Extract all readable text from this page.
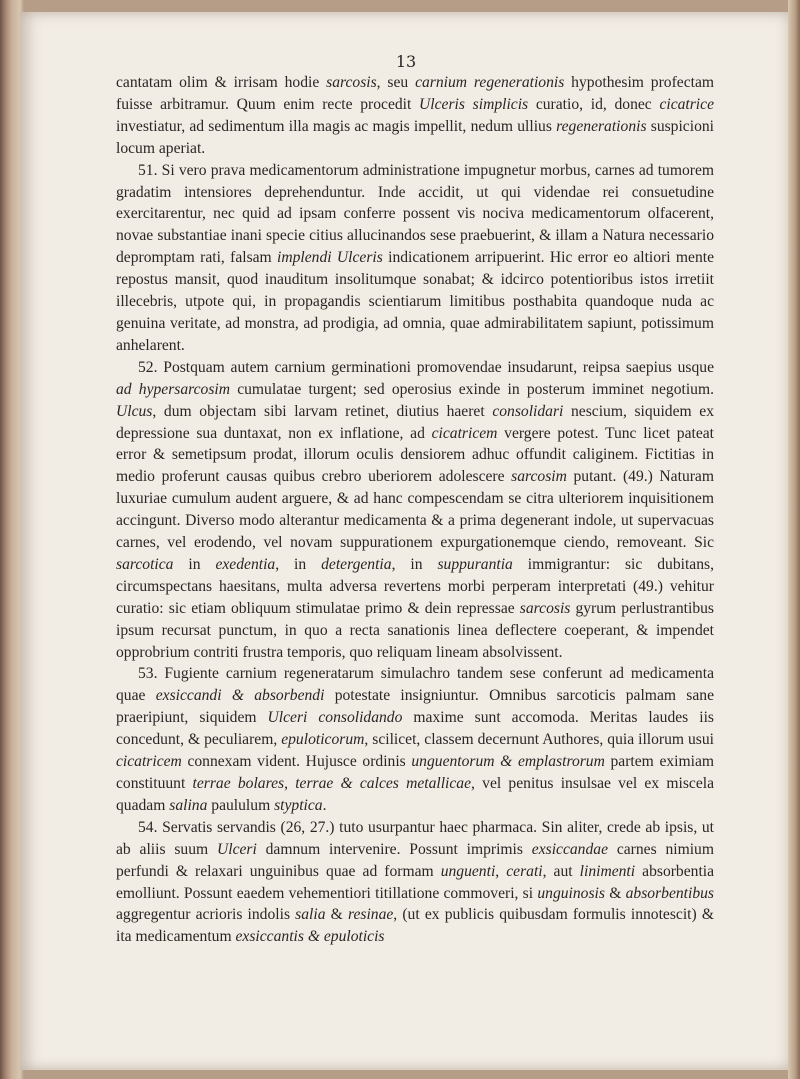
13

cantatam olim & irrisam hodie sarcosis, seu carnium regenerationis hypothesim profectam fuisse arbitramur. Quum enim recte procedit Ulceris simplicis curatio, id, donec cicatrice investiatur, ad sedimentum illa magis ac magis impellit, nedum ullius regenerationis suspicioni locum aperiat.

51. Si vero prava medicamentorum administratione impugnetur morbus, carnes ad tumorem gradatim intensiores deprehenduntur. Inde accidit, ut qui videndae rei consuetudine exercitarentur, nec quid ad ipsam conferre possent vis nociva medicamentorum olfacerent, novae substantiae inani specie citius allucinandos sese praebuerint, & illam a Natura necessario depromptam rati, falsam implendi Ulceris indicationem arripuerint. Hic error eo altiori mente repostus mansit, quod inauditum insolitumque sonabat; & idcirco potentioribus istos irretiit illecebris, utpote qui, in propagandis scientiarum limitibus posthabita quandoque nuda ac genuina veritate, ad monstra, ad prodigia, ad omnia, quae admirabilitatem sapiunt, potissimum anhelarent.

52. Postquam autem carnium germinationi promovendae insudarunt, reipsa saepius usque ad hypersarcosim cumulatae turgent; sed operosius exinde in posterum imminet negotium. Ulcus, dum objectam sibi larvam retinet, diutius haeret consolidari nescium, siquidem ex depressione sua duntaxat, non ex inflatione, ad cicatricem vergere potest. Tunc licet pateat error & semetipsum prodat, illorum oculis densiorem adhuc offundit caliginem. Fictitias in medio proferunt causas quibus crebro uberiorem adolescere sarcosim putant. (49.) Naturam luxuriae cumulum audent arguere, & ad hanc compescendam se citra ulteriorem inquisitionem accingunt. Diverso modo alterantur medicamenta & a prima degenerant indole, ut supervacuas carnes, vel erodendo, vel novam suppurationem expurgationemque ciendo, removeant. Sic sarcotica in exedentia, in detergentia, in suppurantia immigrantur: sic dubitans, circumspectans haesitans, multa adversa revertens morbi perperam interpretati (49.) vehitur curatio: sic etiam obliquum stimulatae primo & dein repressae sarcosis gyrum perlustrantibus ipsum recursat punctum, in quo a recta sanationis linea deflectere coeperant, & impendet opprobrium contriti frustra temporis, quo reliquam lineam absolvissent.

53. Fugiente carnium regeneratarum simulachro tandem sese conferunt ad medicamenta quae exsiccandi & absorbendi potestate insigniuntur. Omnibus sarcoticis palmam sane praeripiunt, siquidem Ulceri consolidando maxime sunt accomoda. Meritas laudes iis concedunt, & peculiarem, epuloticorum, scilicet, classem decernunt Authores, quia illorum usui cicatricem connexam vident. Hujusce ordinis unguentorum & emplastrorum partem eximiam constituunt terrae bolares, terrae & calces metallicae, vel penitus insulsae vel ex miscela quadam salina paululum styptica.

54. Servatis servandis (26, 27.) tuto usurpantur haec pharmaca. Sin aliter, crede ab ipsis, ut ab aliis suum Ulceri damnum intervenire. Possunt imprimis exsiccandae carnes nimium perfundi & relaxari unguinibus quae ad formam unguenti, cerati, aut linimenti absorbentia emolliunt. Possunt eaedem vehementiori titillatione commoveri, si unguinosis & absorbentibus aggregentur acrioris indolis salia & resinae, (ut ex publicis quibusdam formulis innotescit) & ita medicamentum exsiccantis & epuloticis
